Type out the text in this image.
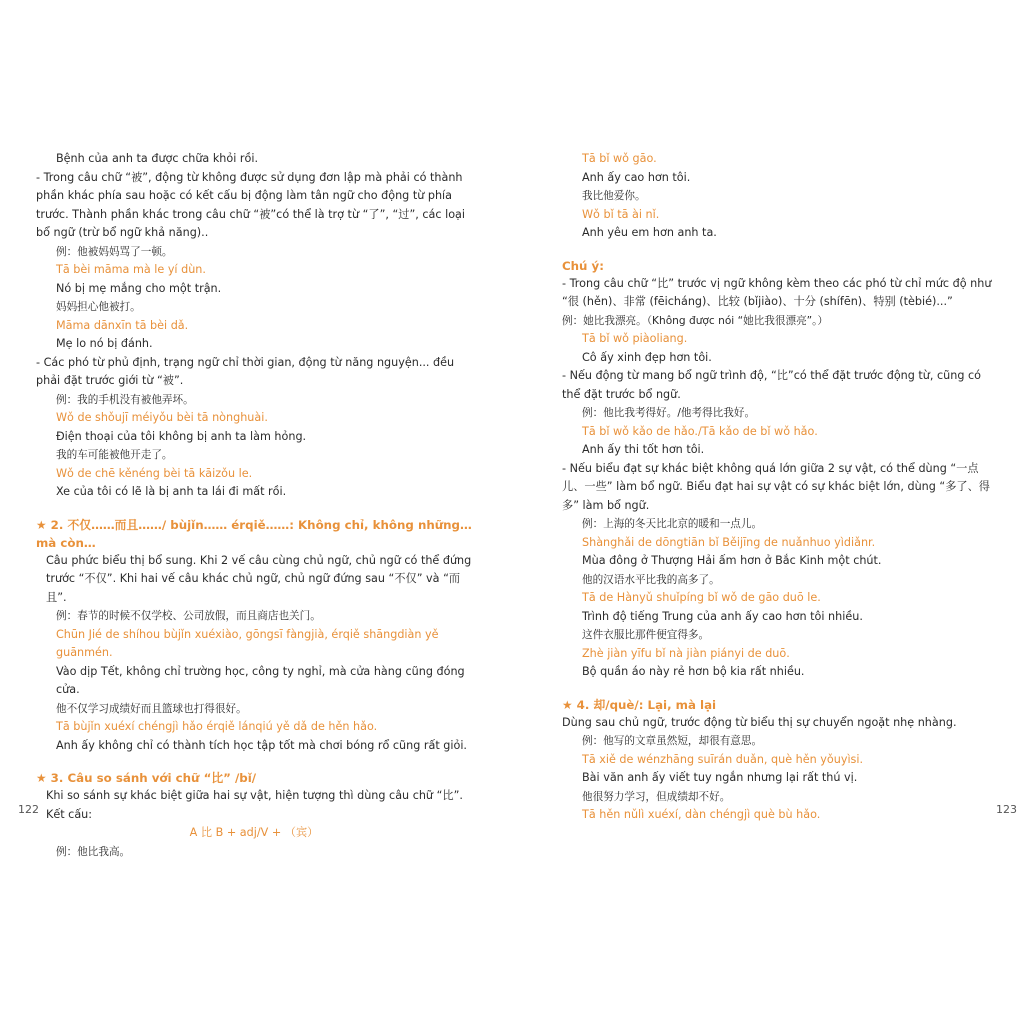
Bệnh của anh ta được chữa khỏi rồi.
- Trong câu chữ “被”, động từ không được sử dụng đơn lập mà phải có thành phần khác phía sau hoặc có kết cấu bị động làm tân ngữ cho động từ phía trước. Thành phần khác trong câu chữ “被”có thể là trợ từ “了”, “过”, các loại bổ ngữ (trừ bổ ngữ khả năng)..
例：他被妈妈骂了一顿。
Tā bèi māma mà le yí dùn.
Nó bị mẹ mắng cho một trận.
妈妈担心他被打。
Māma dānxīn tā bèi dǎ.
Mẹ lo nó bị đánh.
- Các phó từ phủ định, trạng ngữ chỉ thời gian, động từ năng nguyện... đều phải đặt trước giới từ “被”.
例：我的手机没有被他弄坏。
Wǒ de shǒujī méiyǒu bèi tā nònghuài.
Điện thoại của tôi không bị anh ta làm hỏng.
我的车可能被他开走了。
Wǒ de chē kěnéng bèi tā kāizǒu le.
Xe của tôi có lẽ là bị anh ta lái đi mất rồi.
★ 2. 不仅……而且……/ bùjǐn…… érqiě……: Không chỉ, không những… mà còn…
Câu phức biểu thị bổ sung. Khi 2 vế câu cùng chủ ngữ, chủ ngữ có thể đứng trước “不仅”. Khi hai vế câu khác chủ ngữ, chủ ngữ đứng sau “不仅” và “而且”.
例：春节的时候不仅学校、公司放假，而且商店也关门。
Chūn Jié de shíhou bùjǐn xuéxiào, gōngsī fàngjià, érqiě shāngdiàn yě guānmén.
Vào dịp Tết, không chỉ trường học, công ty nghỉ, mà cửa hàng cũng đóng cửa.
他不仅学习成绩好而且篮球也打得很好。
Tā bùjǐn xuéxí chéngjì hǎo érqiě lánqiú yě dǎ de hěn hǎo.
Anh ấy không chỉ có thành tích học tập tốt mà chơi bóng rổ cũng rất giỏi.
★ 3. Câu so sánh với chữ “比” /bǐ/
Khi so sánh sự khác biệt giữa hai sự vật, hiện tượng thì dùng câu chữ “比”.
Kết cấu:
A 比 B + adj/V + （宾）
例：他比我高。
Tā bǐ wǒ gāo.
Anh ấy cao hơn tôi.
我比他爱你。
Wǒ bǐ tā ài nǐ.
Anh yêu em hơn anh ta.
Chú ý:
- Trong câu chữ “比” trước vị ngữ không kèm theo các phó từ chỉ mức độ như “很 (hěn)、非常 (fēicháng)、比较 (bǐjiào)、十分 (shífēn)、特别 (tèbié)...”
例：她比我漂亮。（Không được nói “她比我很漂亮”。）
Tā bǐ wǒ piàoliang.
Cô ấy xinh đẹp hơn tôi.
- Nếu động từ mang bổ ngữ trình độ, “比”có thể đặt trước động từ, cũng có thể đặt trước bổ ngữ.
例：他比我考得好。/他考得比我好。
Tā bǐ wǒ kǎo de hǎo./Tā kǎo de bǐ wǒ hǎo.
Anh ấy thi tốt hơn tôi.
- Nếu biểu đạt sự khác biệt không quá lớn giữa 2 sự vật, có thể dùng “一点儿、一些” làm bổ ngữ. Biểu đạt hai sự vật có sự khác biệt lớn, dùng “多了、得多” làm bổ ngữ.
例：上海的冬天比北京的暖和一点儿。
Shànghǎi de dōngtiān bǐ Běijīng de nuǎnhuo yìdiǎnr.
Mùa đông ở Thượng Hải ấm hơn ở Bắc Kinh một chút.
他的汉语水平比我的高多了。
Tā de Hànyǔ shuǐpíng bǐ wǒ de gāo duō le.
Trình độ tiếng Trung của anh ấy cao hơn tôi nhiều.
这件衣服比那件便宜得多。
Zhè jiàn yīfu bǐ nà jiàn piányi de duō.
Bộ quần áo này rẻ hơn bộ kia rất nhiều.
★ 4. 却/què/: Lại, mà lại
Dùng sau chủ ngữ, trước động từ biểu thị sự chuyển ngoặt nhẹ nhàng.
例：他写的文章虽然短，却很有意思。
Tā xiě de wénzhāng suīrán duǎn, què hěn yǒuyìsi.
Bài văn anh ấy viết tuy ngắn nhưng lại rất thú vị.
他很努力学习，但成绩却不好。
Tā hěn nǔlì xuéxí, dàn chéngjì què bù hǎo.
122	123
